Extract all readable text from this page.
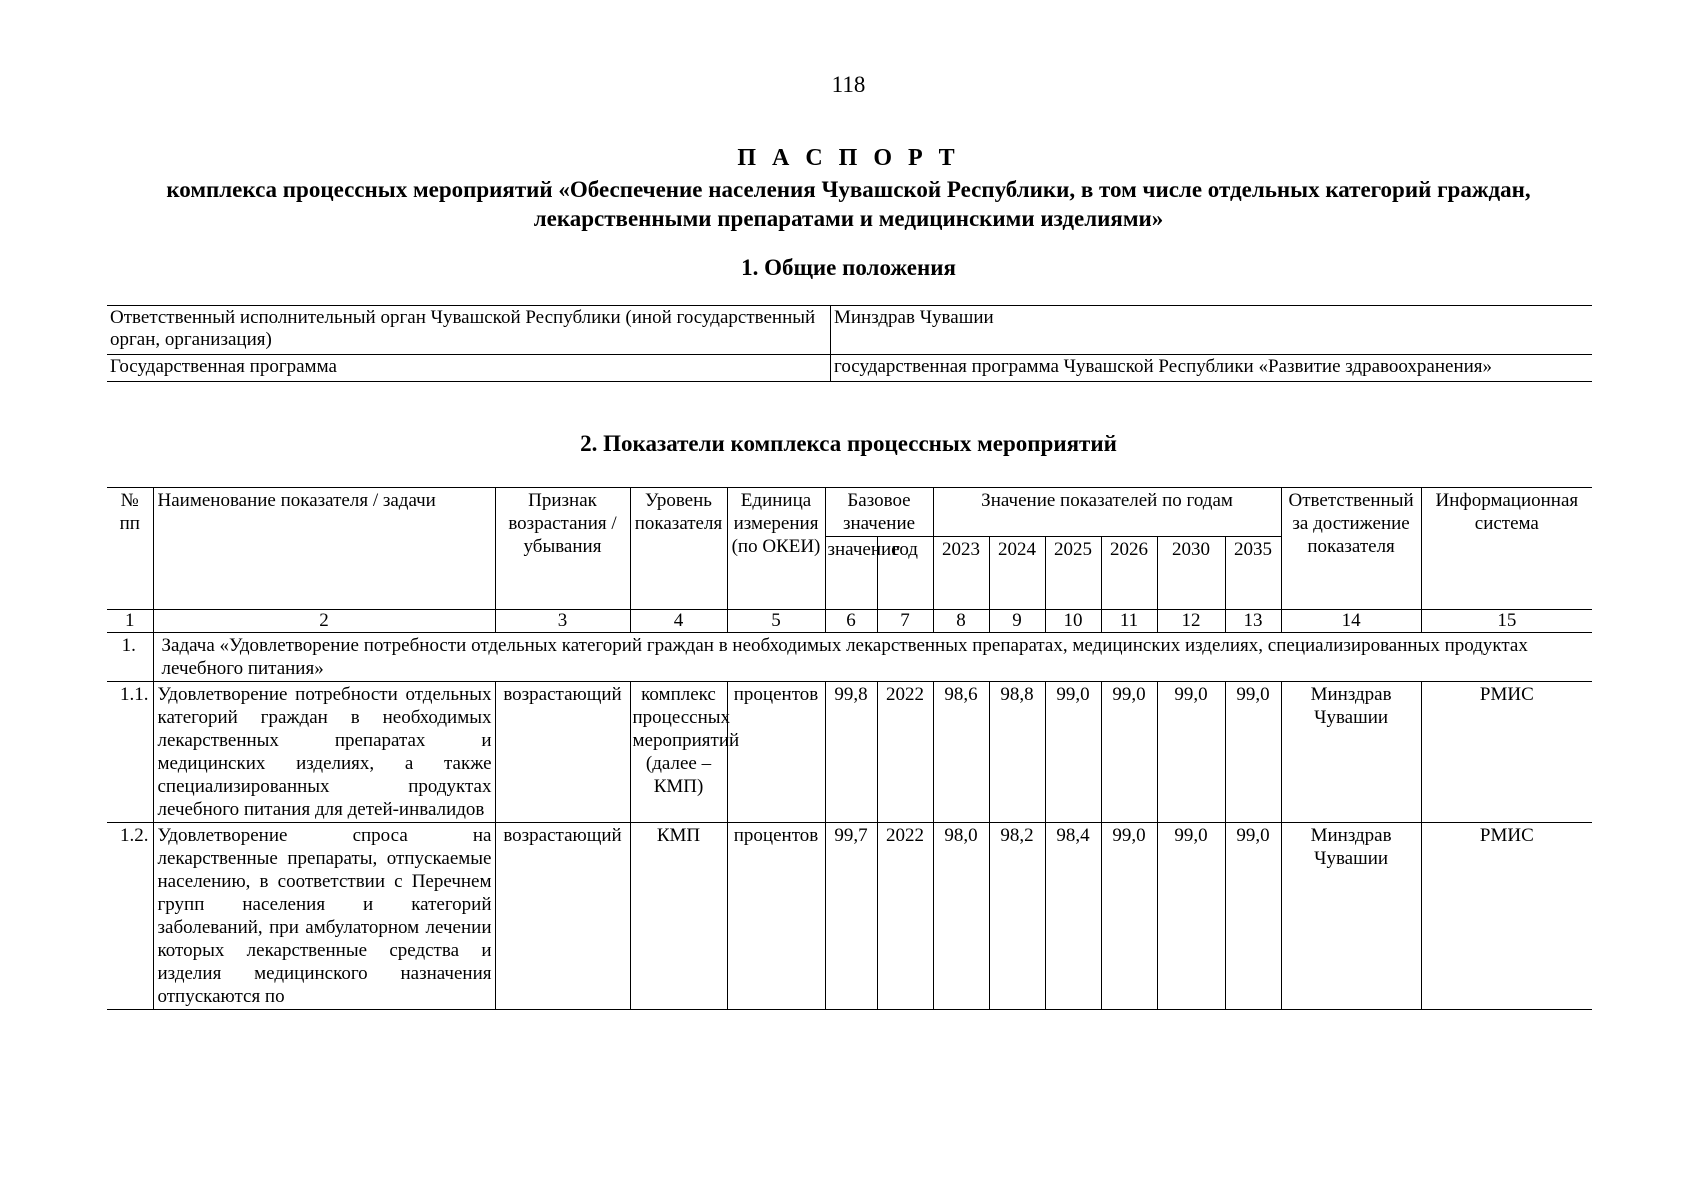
118
П А С П О Р Т
комплекса процессных мероприятий «Обеспечение населения Чувашской Республики, в том числе отдельных категорий граждан, лекарственными препаратами и медицинскими изделиями»
1. Общие положения
Ответственный исполнительный орган Чувашской Республики (иной государственный орган, организация)	Минздрав Чувашии
Государственная программа	государственная программа Чувашской Республики «Развитие здравоохранения»
2. Показатели комплекса процессных мероприятий
№ пп	Наименование показателя / задачи	Признак возрастания / убывания	Уровень показателя	Единица измерения (по ОКЕИ)	Базовое значение		Значение показателей по годам						Ответственный за достижение показателя	Информационная система
					значение	год	2023	2024	2025	2026	2030	2035		
1	2	3	4	5	6	7	8	9	10	11	12	13	14	15
1.	Задача «Удовлетворение потребности отдельных категорий граждан в необходимых лекарственных препаратах, медицинских изделиях, специализированных продуктах лечебного питания»													
1.1.	Удовлетворение потребности отдельных категорий граждан в необходимых лекарственных препаратах и медицинских изделиях, а также специализированных продуктах лечебного питания для детей-инвалидов	возрастающий	комплекс процессных мероприятий (далее – КМП)	процентов	99,8	2022	98,6	98,8	99,0	99,0	99,0	99,0	Минздрав Чувашии	РМИС
1.2.	Удовлетворение спроса на лекарственные препараты, отпускаемые населению, в соответствии с Перечнем групп населения и категорий заболеваний, при амбулаторном лечении которых лекарственные средства и изделия медицинского назначения отпускаются по	возрастающий	КМП	процентов	99,7	2022	98,0	98,2	98,4	99,0	99,0	99,0	Минздрав Чувашии	РМИС
